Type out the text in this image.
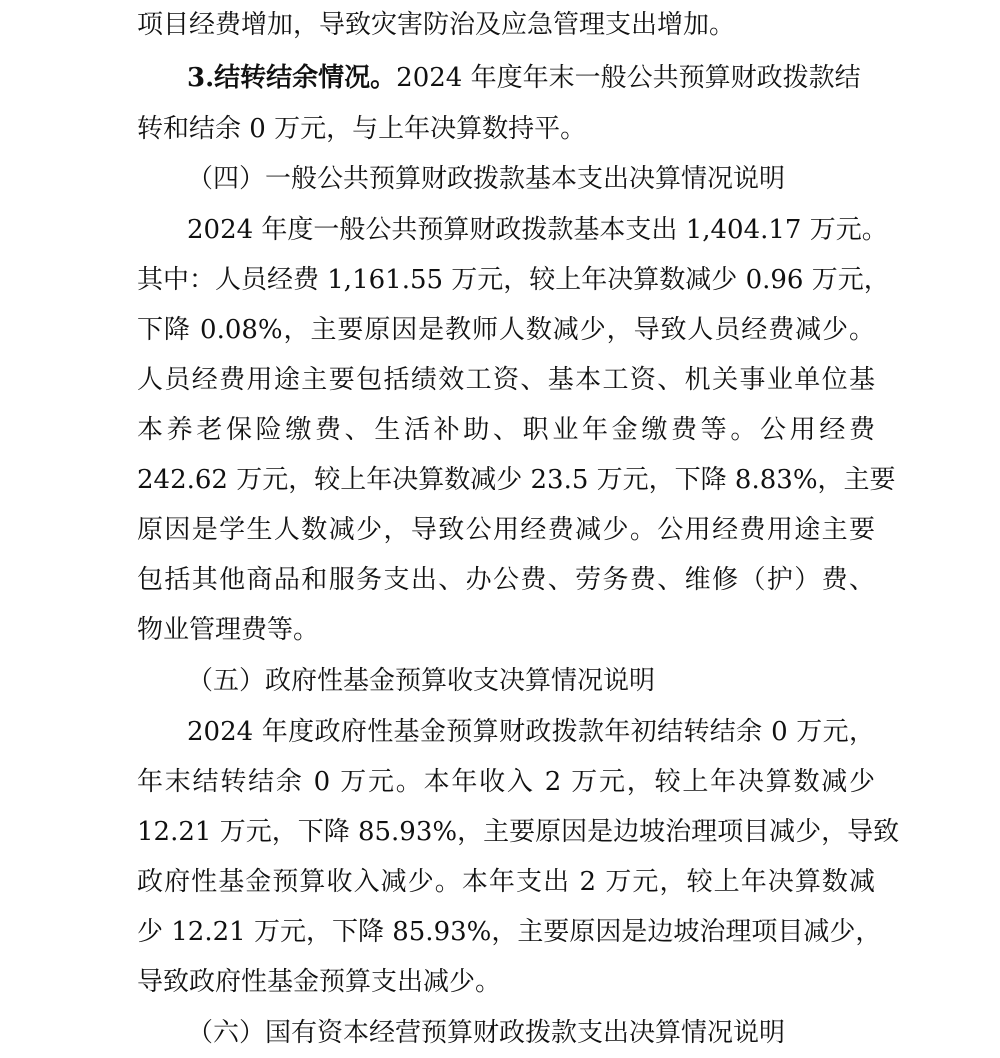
项目经费增加，导致灾害防治及应急管理支出增加。
3.结转结余情况。2024 年度年末一般公共预算财政拨款结
转和结余 0 万元，与上年决算数持平。
（四）一般公共预算财政拨款基本支出决算情况说明
2024 年度一般公共预算财政拨款基本支出 1,404.17 万元。
其中：人员经费 1,161.55 万元，较上年决算数减少 0.96 万元，
下降 0.08%，主要原因是教师人数减少，导致人员经费减少。
人员经费用途主要包括绩效工资、基本工资、机关事业单位基
本养老保险缴费、生活补助、职业年金缴费等。公用经费
242.62 万元，较上年决算数减少 23.5 万元，下降 8.83%，主要
原因是学生人数减少，导致公用经费减少。公用经费用途主要
包括其他商品和服务支出、办公费、劳务费、维修（护）费、
物业管理费等。
（五）政府性基金预算收支决算情况说明
2024 年度政府性基金预算财政拨款年初结转结余 0 万元，
年末结转结余 0 万元。本年收入 2 万元，较上年决算数减少
12.21 万元，下降 85.93%，主要原因是边坡治理项目减少，导致
政府性基金预算收入减少。本年支出 2 万元，较上年决算数减
少 12.21 万元，下降 85.93%，主要原因是边坡治理项目减少，
导致政府性基金预算支出减少。
（六）国有资本经营预算财政拨款支出决算情况说明
